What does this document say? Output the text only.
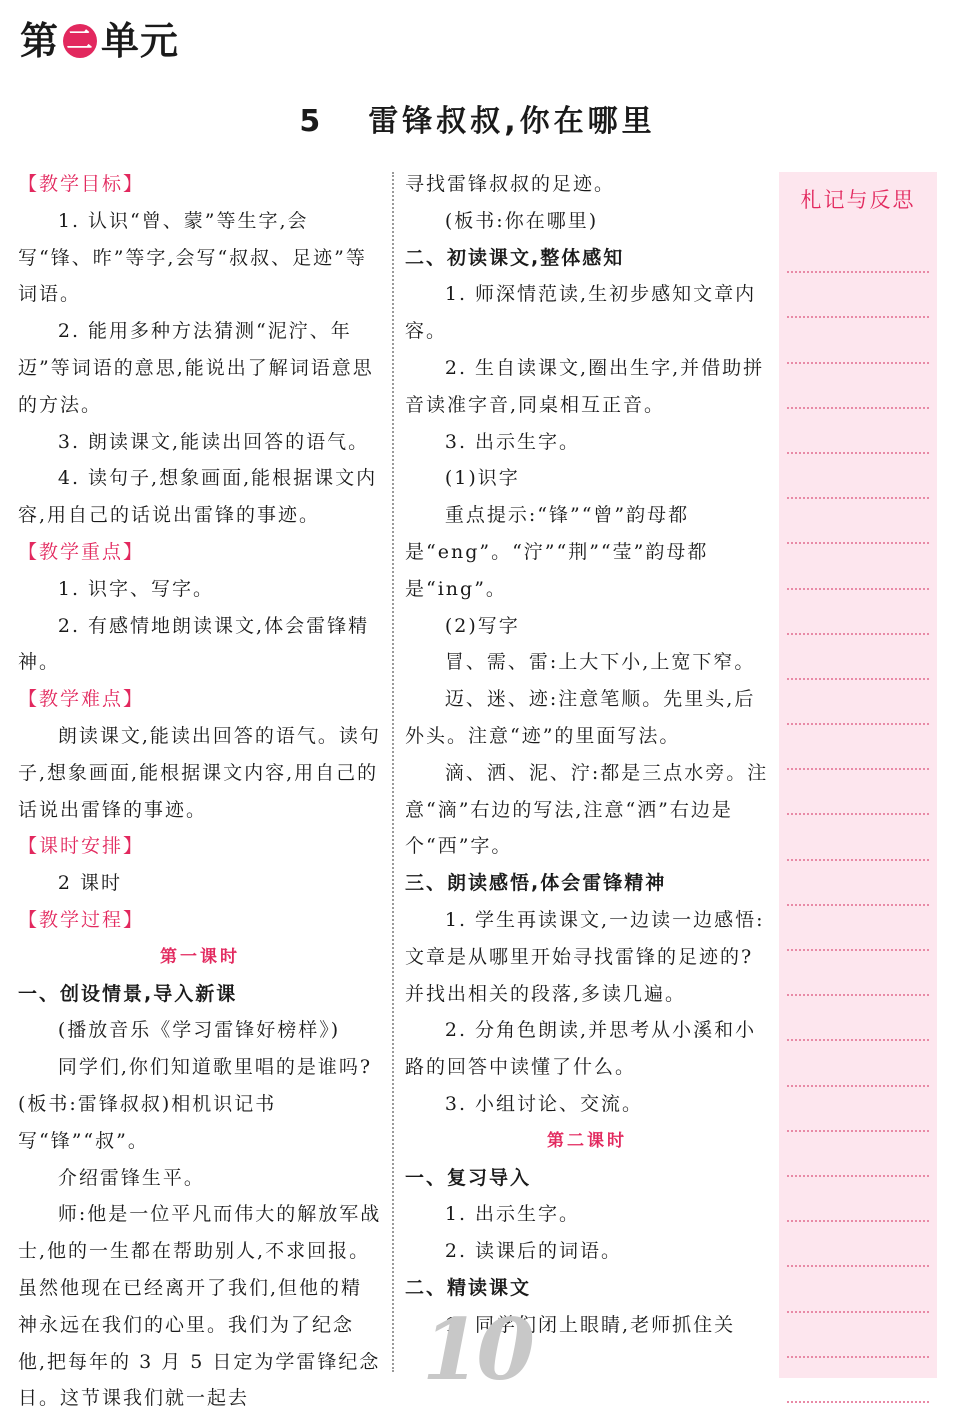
第 二 单元
5 雷锋叔叔,你在哪里

【教学目标】

1. 认识“曾、蒙”等生字,会写“锋、昨”等字,会写“叔叔、足迹”等词语。

2. 能用多种方法猜测“泥泞、年迈”等词语的意思,能说出了解词语意思的方法。

3. 朗读课文,能读出回答的语气。

4. 读句子,想象画面,能根据课文内容,用自己的话说出雷锋的事迹。

【教学重点】

1. 识字、写字。

2. 有感情地朗读课文,体会雷锋精神。

【教学难点】

朗读课文,能读出回答的语气。读句子,想象画面,能根据课文内容,用自己的话说出雷锋的事迹。

【课时安排】

2 课时

【教学过程】

第一课时

一、创设情景,导入新课

(播放音乐《学习雷锋好榜样》)

同学们,你们知道歌里唱的是谁吗?(板书:雷锋叔叔)相机识记书写“锋”“叔”。

介绍雷锋生平。

师:他是一位平凡而伟大的解放军战士,他的一生都在帮助别人,不求回报。虽然他现在已经离开了我们,但他的精神永远在我们的心里。我们为了纪念他,把每年的 3 月 5 日定为学雷锋纪念日。这节课我们就一起去

寻找雷锋叔叔的足迹。

(板书:你在哪里)

二、初读课文,整体感知

1. 师深情范读,生初步感知文章内容。

2. 生自读课文,圈出生字,并借助拼音读准字音,同桌相互正音。

3. 出示生字。

(1)识字

重点提示:“锋”“曾”韵母都是“eng”。“泞”“荆”“莹”韵母都是“ing”。

(2)写字

冒、需、雷:上大下小,上宽下窄。

迈、迷、迹:注意笔顺。先里头,后外头。注意“迹”的里面写法。

滴、洒、泥、泞:都是三点水旁。注意“滴”右边的写法,注意“洒”右边是个“西”字。

三、朗读感悟,体会雷锋精神

1. 学生再读课文,一边读一边感悟:文章是从哪里开始寻找雷锋的足迹的?并找出相关的段落,多读几遍。

2. 分角色朗读,并思考从小溪和小路的回答中读懂了什么。

3. 小组讨论、交流。

第二课时

一、复习导入

1. 出示生字。

2. 读课后的词语。

二、精读课文

1. 同学们闭上眼睛,老师抓住关

札记与反思
10
